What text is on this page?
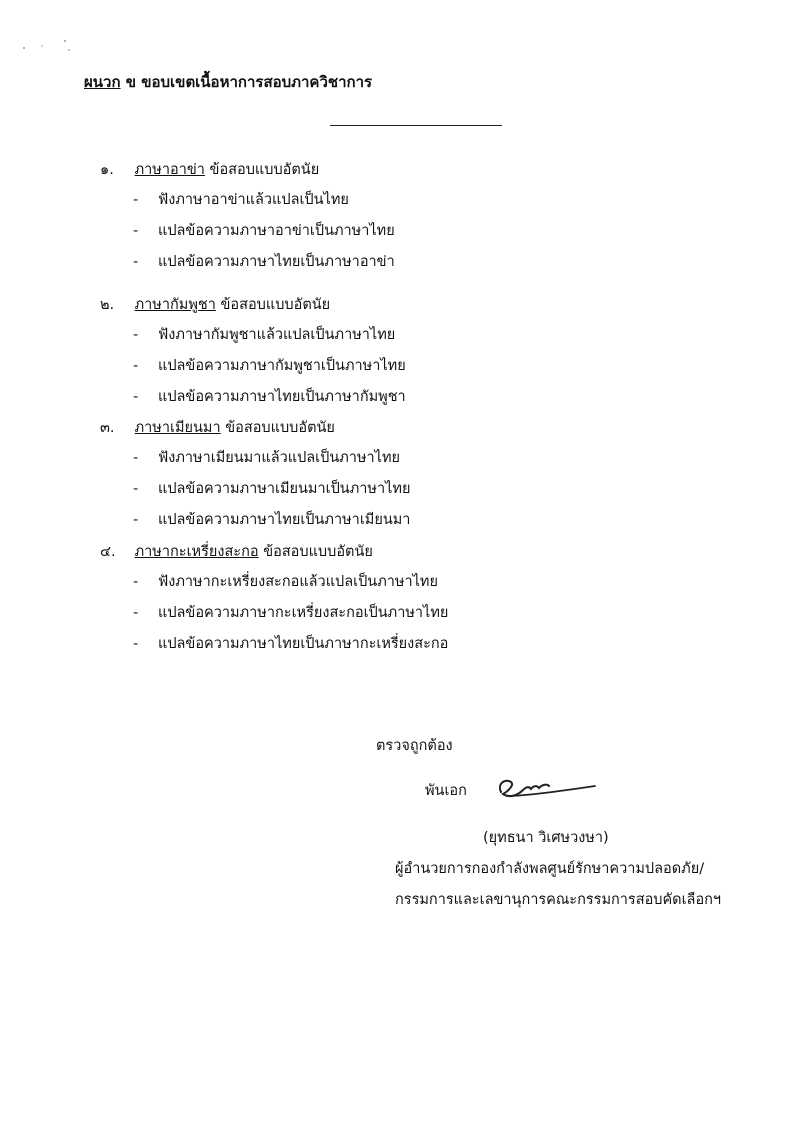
ผนวก ข ขอบเขตเนื้อหาการสอบภาควิชาการ
๑. ภาษาอาข่า ข้อสอบแบบอัตนัย
- ฟังภาษาอาข่าแล้วแปลเป็นไทย
- แปลข้อความภาษาอาข่าเป็นภาษาไทย
- แปลข้อความภาษาไทยเป็นภาษาอาข่า
๒. ภาษากัมพูชา ข้อสอบแบบอัตนัย
- ฟังภาษากัมพูชาแล้วแปลเป็นภาษาไทย
- แปลข้อความภาษากัมพูชาเป็นภาษาไทย
- แปลข้อความภาษาไทยเป็นภาษากัมพูชา
๓. ภาษาเมียนมา ข้อสอบแบบอัตนัย
- ฟังภาษาเมียนมาแล้วแปลเป็นภาษาไทย
- แปลข้อความภาษาเมียนมาเป็นภาษาไทย
- แปลข้อความภาษาไทยเป็นภาษาเมียนมา
๔. ภาษากะเหรี่ยงสะกอ ข้อสอบแบบอัตนัย
- ฟังภาษากะเหรี่ยงสะกอแล้วแปลเป็นภาษาไทย
- แปลข้อความภาษากะเหรี่ยงสะกอเป็นภาษาไทย
- แปลข้อความภาษาไทยเป็นภาษากะเหรี่ยงสะกอ
ตรวจถูกต้อง
พันเอก
(ยุทธนา วิเศษวงษา)
ผู้อำนวยการกองกำลังพลศูนย์รักษาความปลอดภัย/
กรรมการและเลขานุการคณะกรรมการสอบคัดเลือกฯ
